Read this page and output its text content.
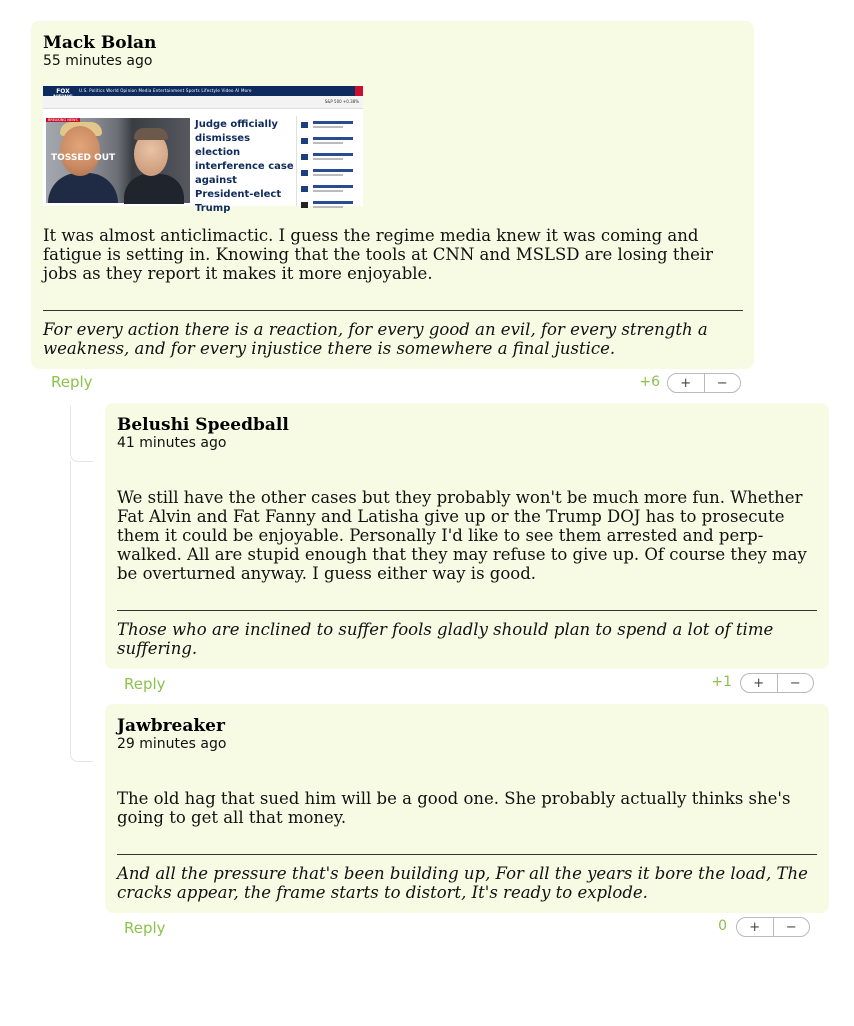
Mack Bolan
55 minutes ago
FOX	U.S. Politics World Opinion Media Entertainment Sports Lifestyle Video AI More
S&P 500 +0.38%
BREAKING NEWS
TOSSED OUT
Judge officially dismisses election interference case against President-elect Trump

It was almost anticlimactic. I guess the regime media knew it was coming and fatigue is setting in. Knowing that the tools at CNN and MSLSD are losing their jobs as they report it makes it more enjoyable.

For every action there is a reaction, for every good an evil, for every strength a weakness, and for every injustice there is somewhere a final justice.

Reply	+6	+	−
Belushi Speedball
41 minutes ago

We still have the other cases but they probably won't be much more fun. Whether Fat Alvin and Fat Fanny and Latisha give up or the Trump DOJ has to prosecute them it could be enjoyable. Personally I'd like to see them arrested and perp-walked. All are stupid enough that they may refuse to give up. Of course they may be overturned anyway. I guess either way is good.

Those who are inclined to suffer fools gladly should plan to spend a lot of time suffering.

Reply	+1	+	−
Jawbreaker
29 minutes ago

The old hag that sued him will be a good one. She probably actually thinks she's going to get all that money.

And all the pressure that's been building up, For all the years it bore the load, The cracks appear, the frame starts to distort, It's ready to explode.

Reply	0	+	−
